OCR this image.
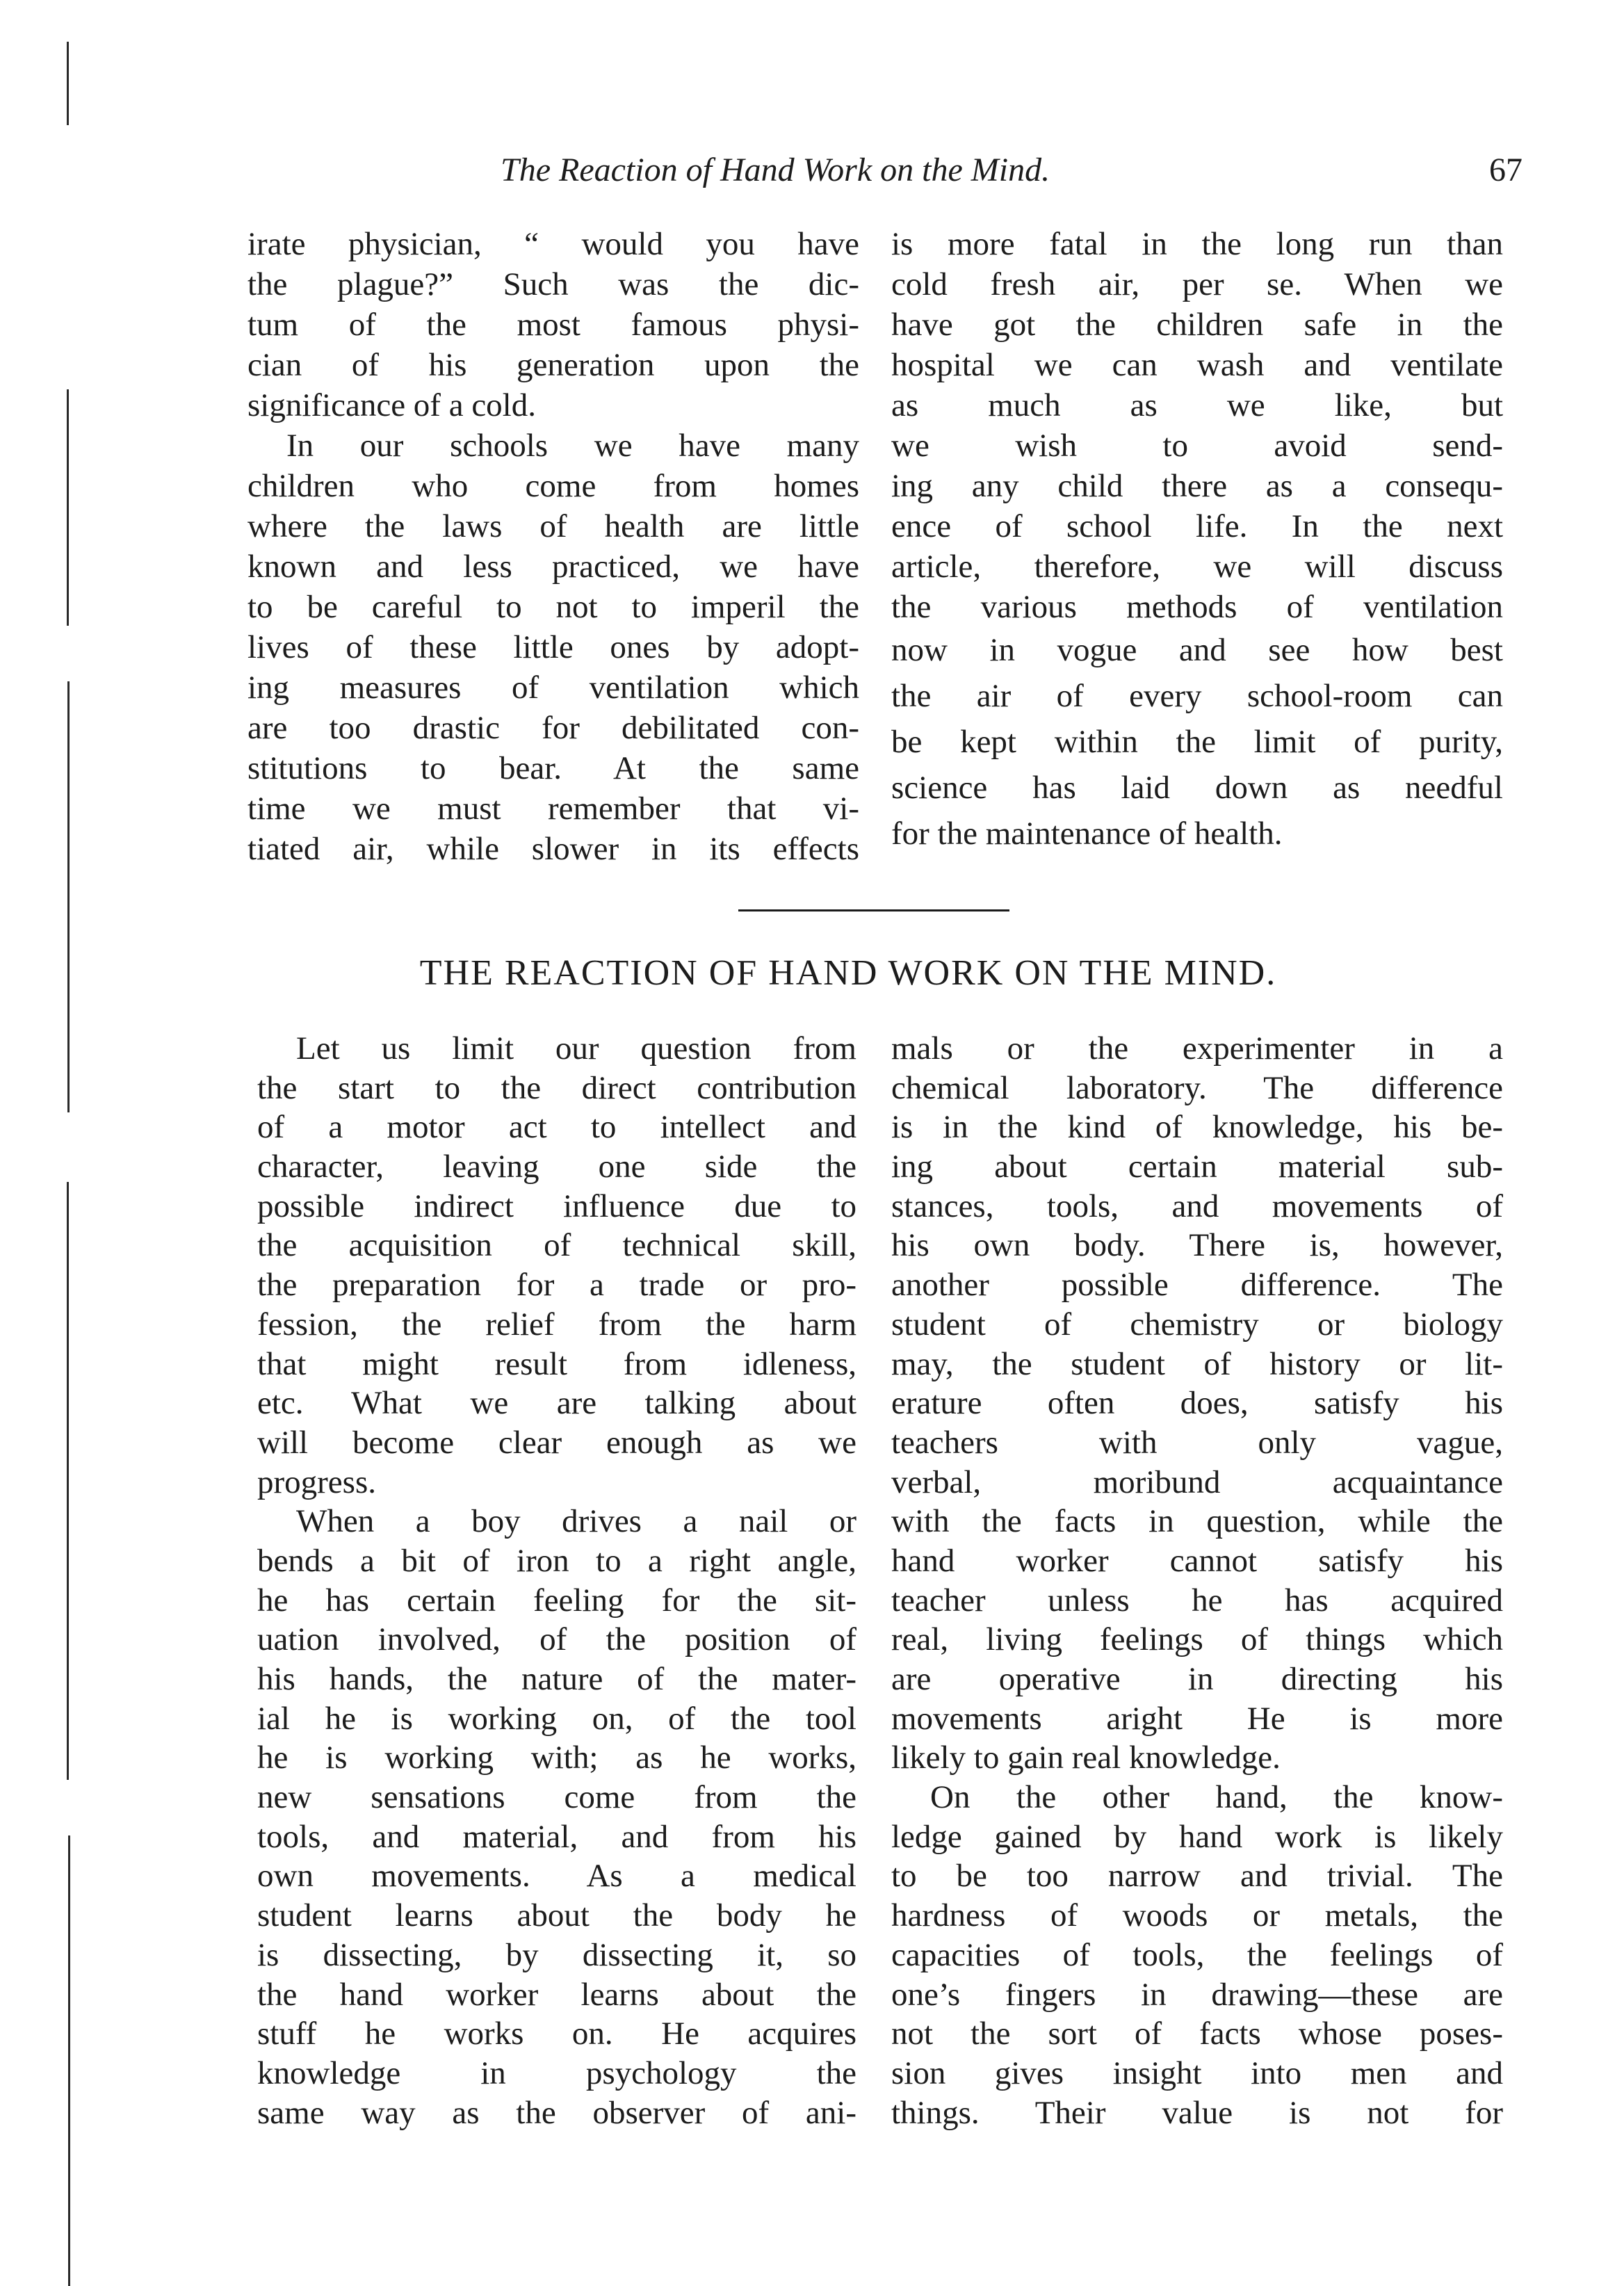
The Reaction of Hand Work on the Mind.	67
irate physician, “ would you have
the plague?” Such was the dic-
tum of the most famous physi-
cian of his generation upon the
significance of a cold.
In our schools we have many
children who come from homes
where the laws of health are little
known and less practiced, we have
to be careful to not to imperil the
lives of these little ones by adopt-
ing measures of ventilation which
are too drastic for debilitated con-
stitutions to bear. At the same
time we must remember that vi-
tiated air, while slower in its effects
is more fatal in the long run than
cold fresh air, per se. When we
have got the children safe in the
hospital we can wash and ventilate
as much as we like, but
we wish to avoid send-
ing any child there as a consequ-
ence of school life. In the next
article, therefore, we will discuss
the various methods of ventilation
now in vogue and see how best
the air of every school-room can
be kept within the limit of purity,
science has laid down as needful
for the maintenance of health.
THE REACTION OF HAND WORK ON THE MIND.
Let us limit our question from
the start to the direct contribution
of a motor act to intellect and
character, leaving one side the
possible indirect influence due to
the acquisition of technical skill,
the preparation for a trade or pro-
fession, the relief from the harm
that might result from idleness,
etc. What we are talking about
will become clear enough as we
progress.
When a boy drives a nail or
bends a bit of iron to a right angle,
he has certain feeling for the sit-
uation involved, of the position of
his hands, the nature of the mater-
ial he is working on, of the tool
he is working with; as he works,
new sensations come from the
tools, and material, and from his
own movements. As a medical
student learns about the body he
is dissecting, by dissecting it, so
the hand worker learns about the
stuff he works on. He acquires
knowledge in psychology the
same way as the observer of ani-
mals or the experimenter in a
chemical laboratory. The difference
is in the kind of knowledge, his be-
ing about certain material sub-
stances, tools, and movements of
his own body. There is, however,
another possible difference. The
student of chemistry or biology
may, the student of history or lit-
erature often does, satisfy his
teachers with only vague,
verbal, moribund acquaintance
with the facts in question, while the
hand worker cannot satisfy his
teacher unless he has acquired
real, living feelings of things which
are operative in directing his
movements aright He is more
likely to gain real knowledge.
On the other hand, the know-
ledge gained by hand work is likely
to be too narrow and trivial. The
hardness of woods or metals, the
capacities of tools, the feelings of
one’s fingers in drawing—these are
not the sort of facts whose poses-
sion gives insight into men and
things. Their value is not for
